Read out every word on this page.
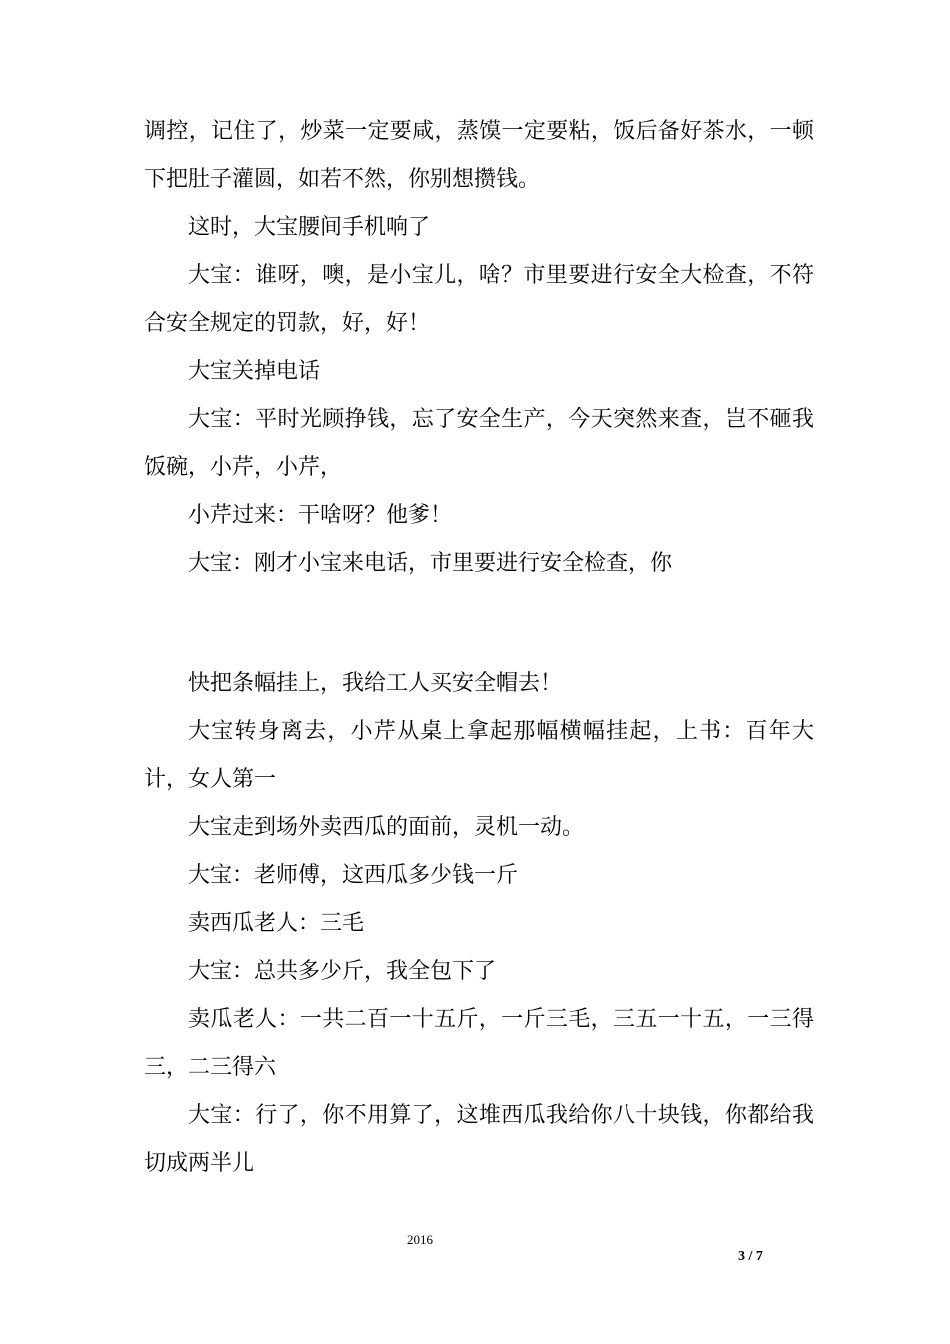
调控，记住了，炒菜一定要咸，蒸馍一定要粘，饭后备好茶水，一顿下把肚子灌圆，如若不然，你别想攒钱。

这时，大宝腰间手机响了

大宝：谁呀，噢，是小宝儿，啥？市里要进行安全大检查，不符合安全规定的罚款，好，好！

大宝关掉电话

大宝：平时光顾挣钱，忘了安全生产，今天突然来查，岂不砸我饭碗，小芹，小芹，

小芹过来：干啥呀？他爹！

大宝：刚才小宝来电话，市里要进行安全检查，你

快把条幅挂上，我给工人买安全帽去！

大宝转身离去，小芹从桌上拿起那幅横幅挂起，上书：百年大计，女人第一

大宝走到场外卖西瓜的面前，灵机一动。

大宝：老师傅，这西瓜多少钱一斤

卖西瓜老人：三毛

大宝：总共多少斤，我全包下了

卖瓜老人：一共二百一十五斤，一斤三毛，三五一十五，一三得三，二三得六

大宝：行了，你不用算了，这堆西瓜我给你八十块钱，你都给我切成两半儿

2016
3 / 7
